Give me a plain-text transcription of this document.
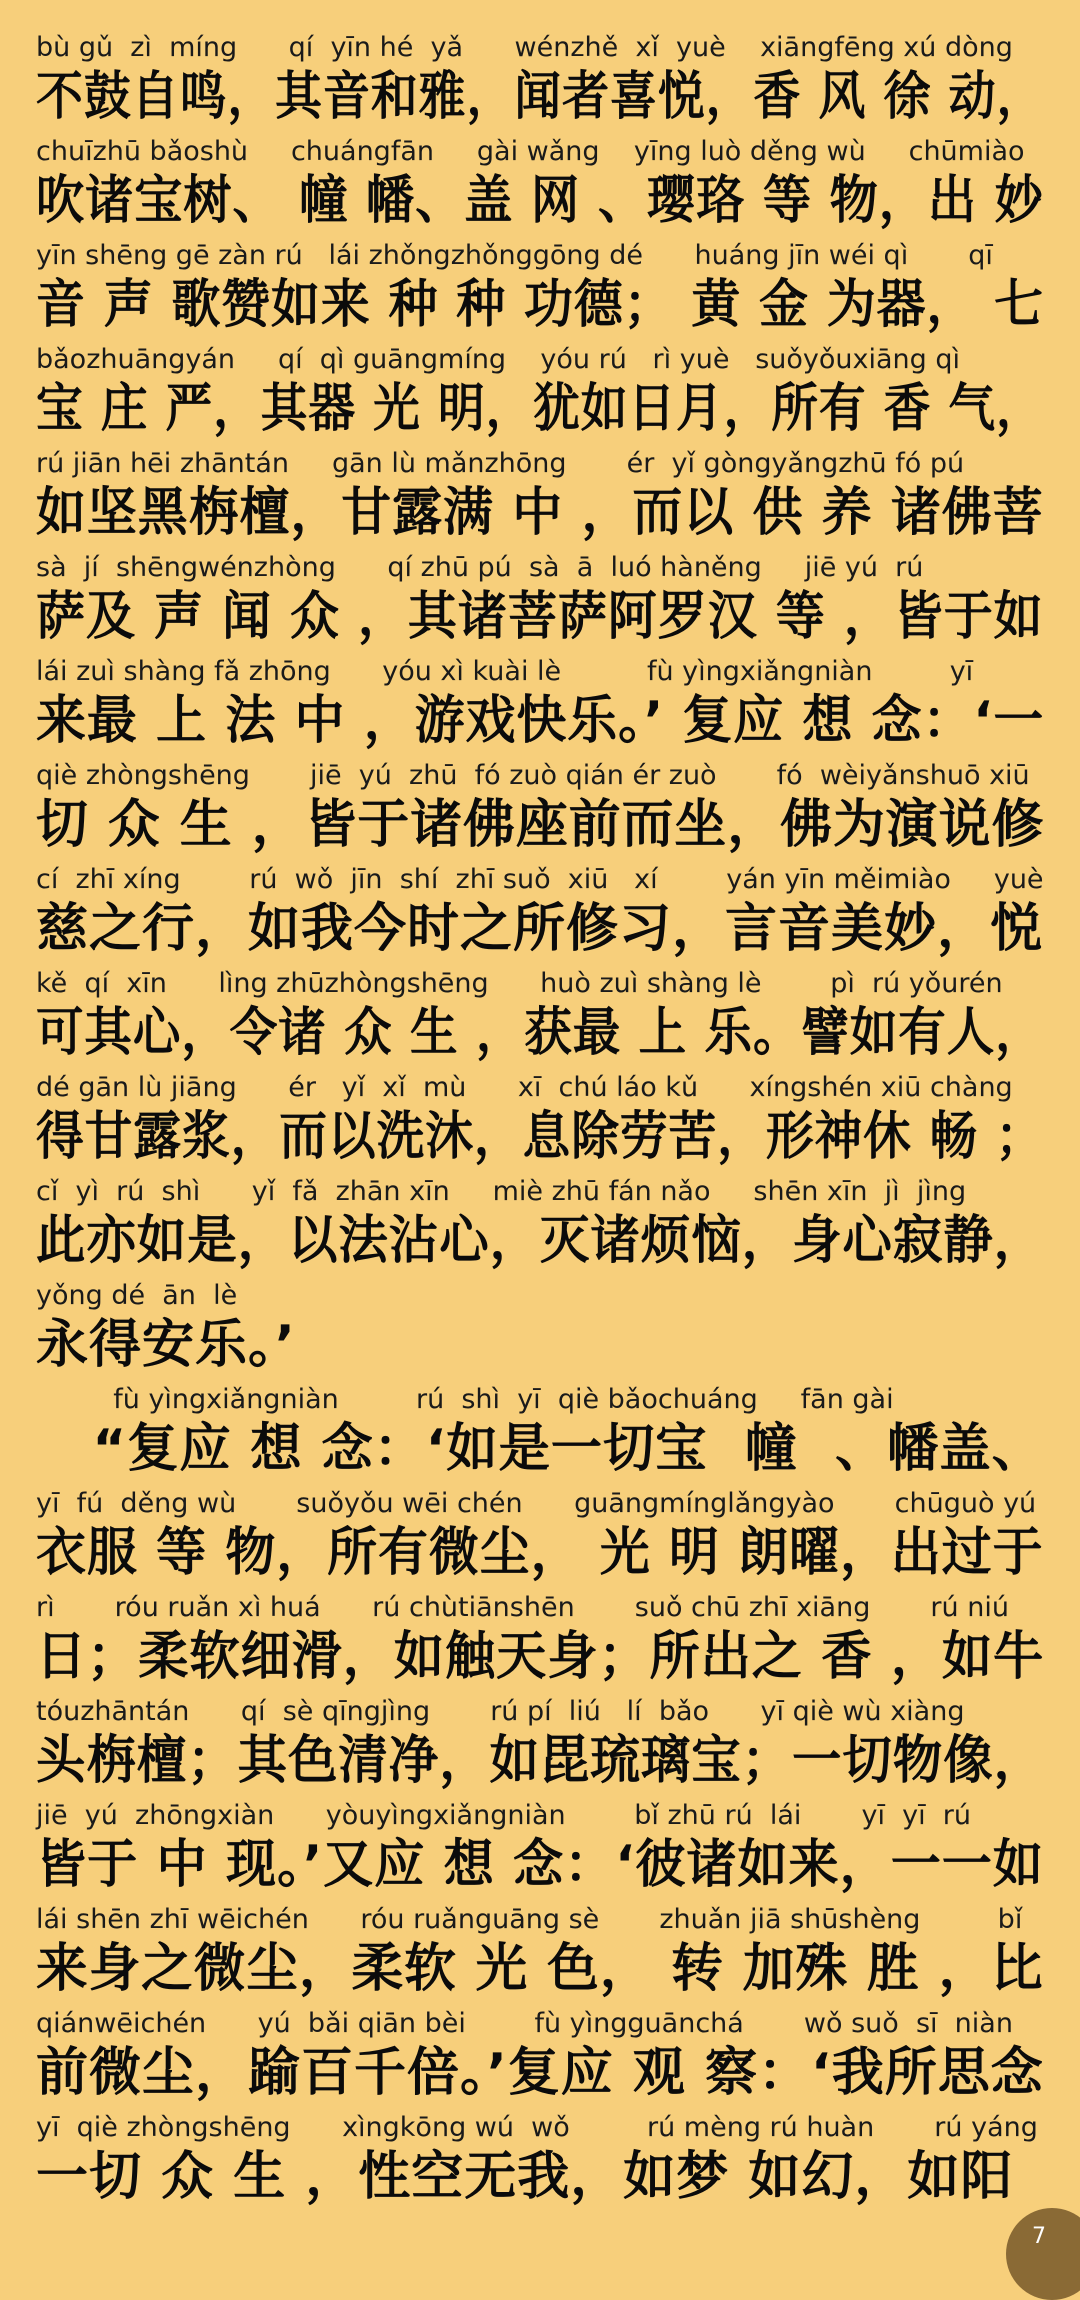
bù gǔ  zì  míng      qí  yīn hé  yǎ      wénzhě  xǐ  yuè    xiāngfēng xú dòng
不鼓自鸣，其音和雅，闻者喜悦，香 风 徐 动，
chuīzhū bǎoshù     chuángfān     gài wǎng    yīng luò děng wù     chūmiào
吹诸宝树、 幢 幡、盖 网 、璎珞 等 物，出 妙
yīn shēng gē zàn rú   lái zhǒngzhǒnggōng dé      huáng jīn wéi qì       qī
音 声 歌赞如来 种 种 功德； 黄 金 为器， 七
bǎozhuāngyán     qí  qì guāngmíng    yóu rú   rì yuè   suǒyǒuxiāng qì
宝 庄 严，其器 光 明，犹如日月，所有 香 气，
rú jiān hēi zhāntán     gān lù mǎnzhōng       ér  yǐ gòngyǎngzhū fó pú
如坚黑栴檀，甘露满 中 ，而以 供 养 诸佛菩
sà  jí  shēngwénzhòng      qí zhū pú  sà  ā  luó hàněng     jiē yú  rú
萨及 声 闻 众 ，其诸菩萨阿罗汉 等 ，皆于如
lái zuì shàng fǎ zhōng      yóu xì kuài lè          fù yìngxiǎngniàn         yī
来最 上 法 中 ，游戏快乐。’ 复应 想 念：‘一
qiè zhòngshēng       jiē  yú  zhū  fó zuò qián ér zuò       fó  wèiyǎnshuō xiū
切 众 生 ，皆于诸佛座前而坐，佛为演说修
cí  zhī xíng        rú  wǒ  jīn  shí  zhī suǒ  xiū   xí        yán yīn měimiào     yuè
慈之行，如我今时之所修习，言音美妙，悦
kě  qí  xīn      lìng zhūzhòngshēng      huò zuì shàng lè        pì  rú yǒurén
可其心，令诸 众 生 ，获最 上 乐。譬如有人，
dé gān lù jiāng      ér   yǐ  xǐ  mù      xī  chú láo kǔ      xíngshén xiū chàng
得甘露浆，而以洗沐，息除劳苦，形神休 畅 ；
cǐ  yì  rú  shì      yǐ  fǎ  zhān xīn     miè zhū fán nǎo     shēn xīn  jì  jìng
此亦如是，以法沾心，灭诸烦恼，身心寂静，
yǒng dé  ān  lè
永得安乐。’
fù yìngxiǎngniàn         rú  shì  yī  qiè bǎochuáng     fān gài
“复应 想 念：‘如是一切宝  幢  、幡盖、
yī  fú  děng wù       suǒyǒu wēi chén      guāngmínglǎngyào       chūguò yú
衣服 等 物，所有微尘， 光 明 朗曜，出过于
rì       róu ruǎn xì huá      rú chùtiānshēn       suǒ chū zhī xiāng       rú niú
日；柔软细滑，如触天身；所出之 香 ，如牛
tóuzhāntán      qí  sè qīngjìng       rú pí  liú   lí  bǎo      yī qiè wù xiàng
头栴檀；其色清净，如毘琉璃宝；一切物像，
jiē  yú  zhōngxiàn      yòuyìngxiǎngniàn        bǐ zhū rú  lái       yī  yī  rú
皆于 中 现。’又应 想 念：‘彼诸如来，一一如
lái shēn zhī wēichén      róu ruǎnguāng sè       zhuǎn jiā shūshèng         bǐ
来身之微尘，柔软 光 色， 转 加殊 胜 ，比
qiánwēichén      yú  bǎi qiān bèi        fù yìngguānchá       wǒ suǒ  sī  niàn
前微尘，踰百千倍。’复应 观 察：‘我所思念
yī  qiè zhòngshēng      xìngkōng wú  wǒ         rú mèng rú huàn       rú yáng
一切 众 生 ，性空无我，如梦 如幻，如阳
7
